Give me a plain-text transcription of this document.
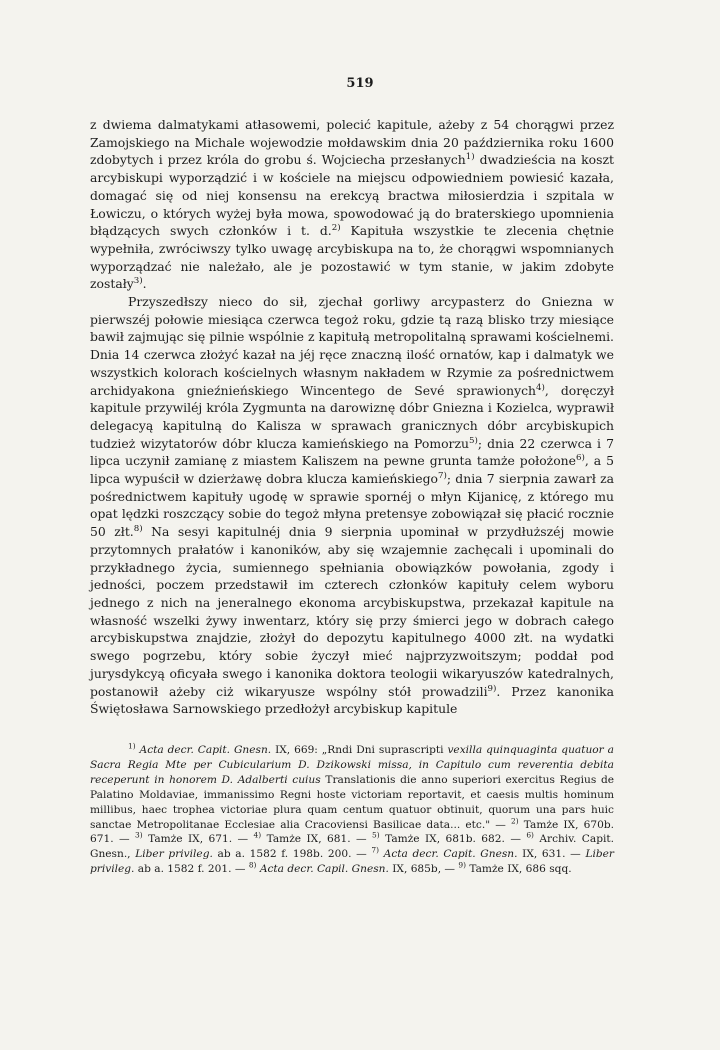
519

z dwiema dalmatykami atłasowemi, polecić kapitule, ażeby z 54 chorągwi przez Zamojskiego na Michale wojewodzie mołdawskim dnia 20 października roku 1600 zdobytych i przez króla do grobu ś. Wojciecha przesłanych$^{1)}$ dwadzieścia na koszt arcybiskupi wyporządzić i w kościele na miejscu odpowiedniem powiesić kazała, domagać się od niej konsensu na erekcyą bractwa miłosierdzia i szpitala w Łowiczu, o których wyżej była mowa, spowodować ją do braterskiego upomnienia błądzących swych członków i t. d.$^{2)}$ Kapituła wszystkie te zlecenia chętnie wypełniła, zwróciwszy tylko uwagę arcybiskupa na to, że chorągwi wspomnianych wyporządzać nie należało, ale je pozostawić w tym stanie, w jakim zdobyte zostały$^{3)}$.

Przyszedłszy nieco do sił, zjechał gorliwy arcypasterz do Gniezna w pierwszéj połowie miesiąca czerwca tegoż roku, gdzie tą razą blisko trzy miesiące bawił zajmując się pilnie wspólnie z kapitułą metropolitalną sprawami kościelnemi. Dnia 14 czerwca złożyć kazał na jéj ręce znaczną ilość ornatów, kap i dalmatyk we wszystkich kolorach kościelnych własnym nakładem w Rzymie za pośrednictwem archidyakona gnieźnieńskiego Wincentego de Sevé sprawionych$^{4)}$, doręczył kapitule przywiléj króla Zygmunta na darowiznę dóbr Gniezna i Kozielca, wyprawił delegacyą kapitulną do Kalisza w sprawach granicznych dóbr arcybiskupich tudzież wizytatorów dóbr klucza kamieńskiego na Pomorzu$^{5)}$; dnia 22 czerwca i 7 lipca uczynił zamianę z miastem Kaliszem na pewne grunta tamże położone$^{6)}$, a 5 lipca wypuścił w dzierżawę dobra klucza kamieńskiego$^{7)}$; dnia 7 sierpnia zawarł za pośrednictwem kapituły ugodę w sprawie spornéj o młyn Kijanicę, z którego mu opat lędzki roszczący sobie do tegoż młyna pretensye zobowiązał się płacić rocznie 50 złt.$^{8)}$ Na sesyi kapitulnéj dnia 9 sierpnia upominał w przydłuższéj mowie przytomnych prałatów i kanoników, aby się wzajemnie zachęcali i upominali do przykładnego życia, sumiennego spełniania obowiązków powołania, zgody i jedności, poczem przedstawił im czterech członków kapituły celem wyboru jednego z nich na jeneralnego ekonoma arcybiskupstwa, przekazał kapitule na własność wszelki żywy inwentarz, który się przy śmierci jego w dobrach całego arcybiskupstwa znajdzie, złożył do depozytu kapitulnego 4000 złt. na wydatki swego pogrzebu, który sobie życzył mieć najprzyzwoitszym; poddał pod jurysdykcyą oficyała swego i kanonika doktora teologii wikaryuszów katedralnych, postanowił ażeby ciż wikaryusze wspólny stół prowadzili$^{9)}$. Przez kanonika Świętosława Sarnowskiego przedłożył arcybiskup kapitule

$^{1)}$ Acta decr. Capit. Gnesn. IX, 669: „Rndi Dni suprascripti vexilla quinquaginta quatuor a Sacra Regia Mte per Cubicularium D. Dzikowski missa, in Capitulo cum reverentia debita receperunt in honorem D. Adalberti cuius Translationis die anno superiori exercitus Regius de Palatino Moldaviae, immanissimo Regni hoste victoriam reportavit, et caesis multis hominum millibus, haec trophea victoriae plura quam centum quatuor obtinuit, quorum una pars huic sanctae Metropolitanae Ecclesiae alia Cracoviensi Basilicae data... etc." — $^{2)}$ Tamże IX, 670b. 671. — $^{3)}$ Tamże IX, 671. — $^{4)}$ Tamże IX, 681. — $^{5)}$ Tamże IX, 681b. 682. — $^{6)}$ Archiv. Capit. Gnesn., Liber privileg. ab a. 1582 f. 198b. 200. — $^{7)}$ Acta decr. Capit. Gnesn. IX, 631. — Liber privileg. ab a. 1582 f. 201. — $^{8)}$ Acta decr. Capil. Gnesn. IX, 685b, — $^{9)}$ Tamże IX, 686 sqq.
